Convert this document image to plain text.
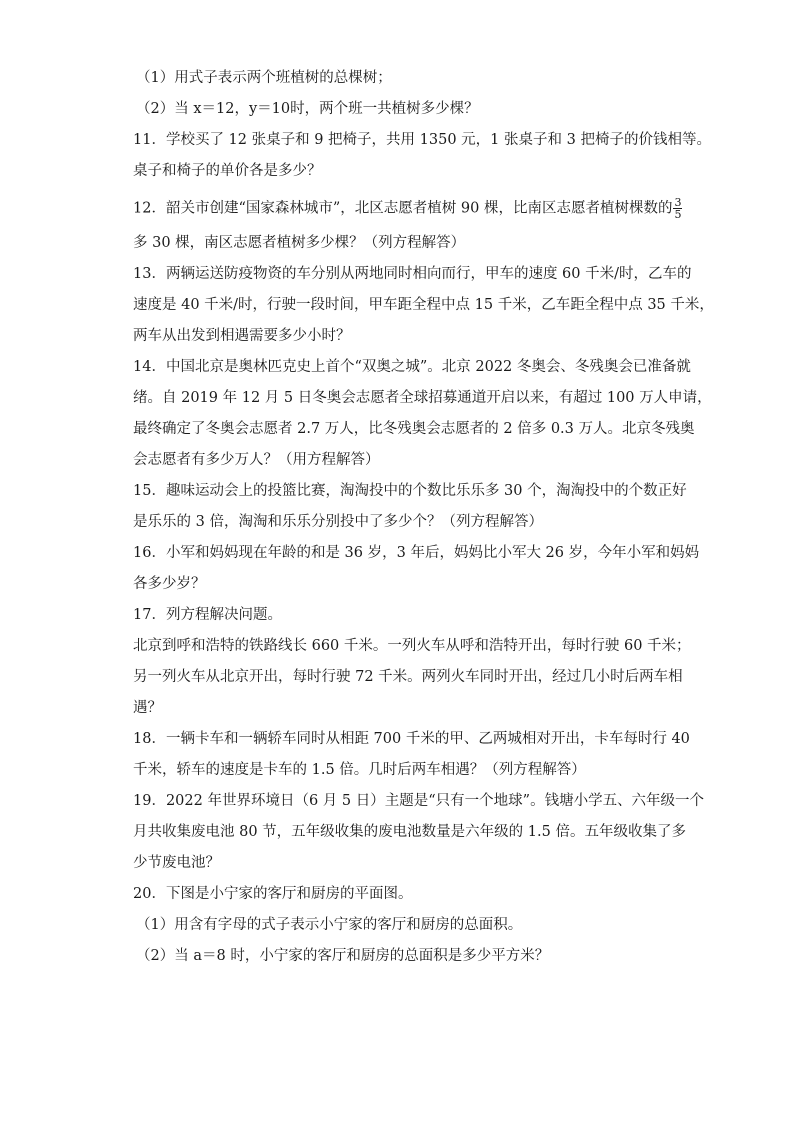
（1）用式子表示两个班植树的总棵树；
（2）当 x＝12，y＝10时，两个班一共植树多少棵？
11．学校买了 12 张桌子和 9 把椅子，共用 1350 元，1 张桌子和 3 把椅子的价钱相等。
桌子和椅子的单价各是多少？
12．韶关市创建“国家森林城市”，北区志愿者植树 90 棵，比南区志愿者植树棵数的 $\frac{3}{5}$
多 30 棵，南区志愿者植树多少棵？（列方程解答）
13．两辆运送防疫物资的车分别从两地同时相向而行，甲车的速度 60 千米/时，乙车的
速度是 40 千米/时，行驶一段时间，甲车距全程中点 15 千米，乙车距全程中点 35 千米，
两车从出发到相遇需要多少小时？
14．中国北京是奥林匹克史上首个“双奥之城”。北京 2022 冬奥会、冬残奥会已准备就
绪。自 2019 年 12 月 5 日冬奥会志愿者全球招募通道开启以来，有超过 100 万人申请，
最终确定了冬奥会志愿者 2.7 万人，比冬残奥会志愿者的 2 倍多 0.3 万人。北京冬残奥
会志愿者有多少万人？（用方程解答）
15．趣味运动会上的投篮比赛，淘淘投中的个数比乐乐多 30 个，淘淘投中的个数正好
是乐乐的 3 倍，淘淘和乐乐分别投中了多少个？（列方程解答）
16．小军和妈妈现在年龄的和是 36 岁，3 年后，妈妈比小军大 26 岁，今年小军和妈妈
各多少岁？
17．列方程解决问题。
北京到呼和浩特的铁路线长 660 千米。一列火车从呼和浩特开出，每时行驶 60 千米；
另一列火车从北京开出，每时行驶 72 千米。两列火车同时开出，经过几小时后两车相
遇？
18．一辆卡车和一辆轿车同时从相距 700 千米的甲、乙两城相对开出，卡车每时行 40
千米，轿车的速度是卡车的 1.5 倍。几时后两车相遇？（列方程解答）
19．2022 年世界环境日（6 月 5 日）主题是“只有一个地球”。钱塘小学五、六年级一个
月共收集废电池 80 节，五年级收集的废电池数量是六年级的 1.5 倍。五年级收集了多
少节废电池？
20．下图是小宁家的客厅和厨房的平面图。
（1）用含有字母的式子表示小宁家的客厅和厨房的总面积。
（2）当 a＝8 时，小宁家的客厅和厨房的总面积是多少平方米？
